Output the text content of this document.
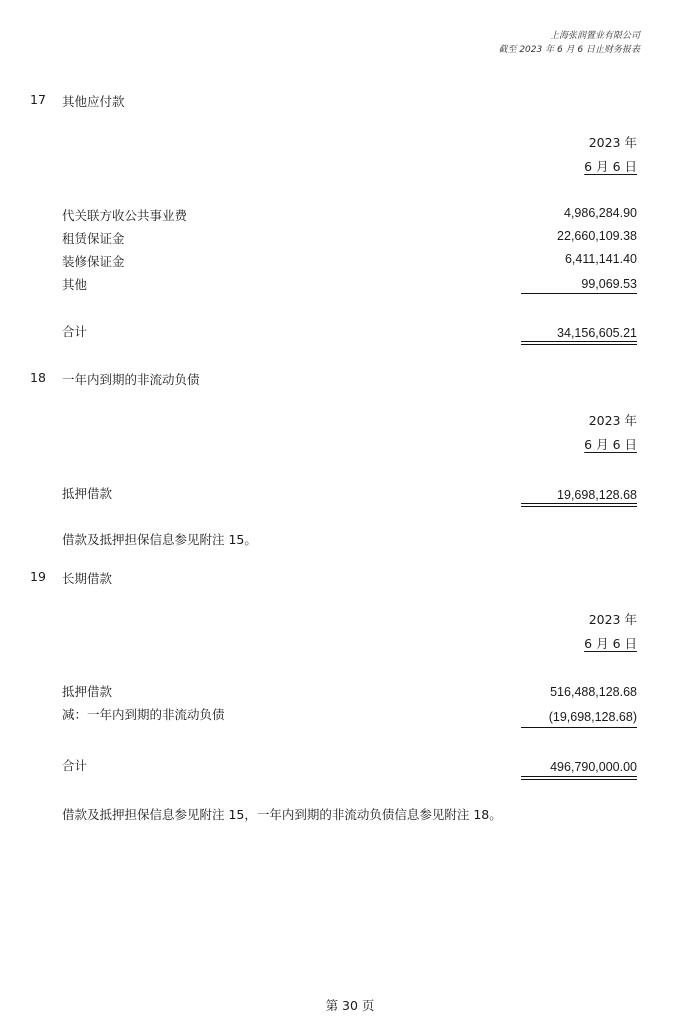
上海张润置业有限公司
截至 2023 年 6 月 6 日止财务报表
17 其他应付款
2023 年
6 月 6 日
代关联方收公共事业费	4,986,284.90
租赁保证金	22,660,109.38
装修保证金	6,411,141.40
其他	99,069.53
合计	34,156,605.21
18 一年内到期的非流动负债
2023 年
6 月 6 日
抵押借款	19,698,128.68
借款及抵押担保信息参见附注 15。
19 长期借款
2023 年
6 月 6 日
抵押借款	516,488,128.68
减：一年内到期的非流动负债	(19,698,128.68)
合计	496,790,000.00
借款及抵押担保信息参见附注 15，一年内到期的非流动负债信息参见附注 18。
第 30 页
